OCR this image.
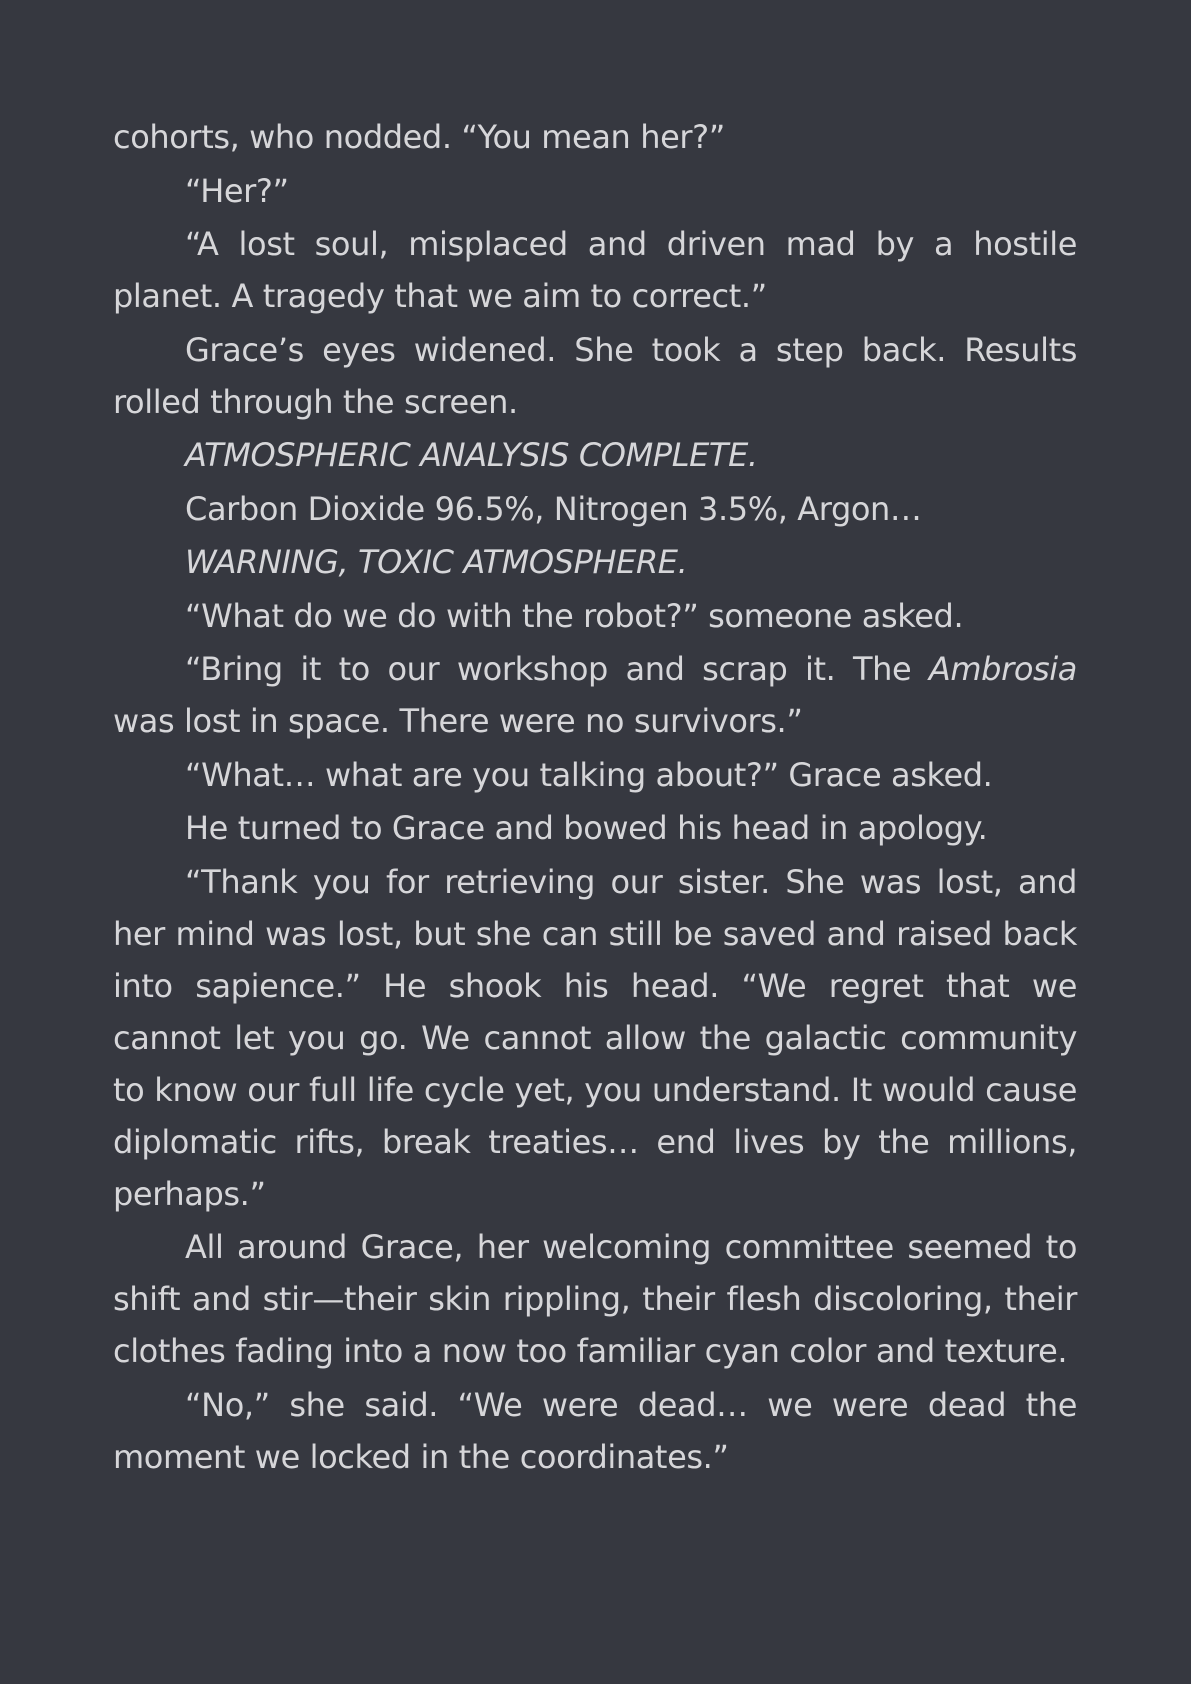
cohorts, who nodded. “You mean her?”

“Her?”

“A lost soul, misplaced and driven mad by a hostile planet. A tragedy that we aim to correct.”

Grace’s eyes widened. She took a step back. Results rolled through the screen.

ATMOSPHERIC ANALYSIS COMPLETE.

Carbon Dioxide 96.5%, Nitrogen 3.5%, Argon…

WARNING, TOXIC ATMOSPHERE.

“What do we do with the robot?” someone asked.

“Bring it to our workshop and scrap it. The Ambrosia was lost in space. There were no survivors.”

“What… what are you talking about?” Grace asked.

He turned to Grace and bowed his head in apology.

“Thank you for retrieving our sister. She was lost, and her mind was lost, but she can still be saved and raised back into sapience.” He shook his head. “We regret that we cannot let you go. We cannot allow the galactic community to know our full life cycle yet, you understand. It would cause diplomatic rifts, break treaties… end lives by the millions, perhaps.”

All around Grace, her welcoming committee seemed to shift and stir—their skin rippling, their flesh discoloring, their clothes fading into a now too familiar cyan color and texture.

“No,” she said. “We were dead… we were dead the moment we locked in the coordinates.”
